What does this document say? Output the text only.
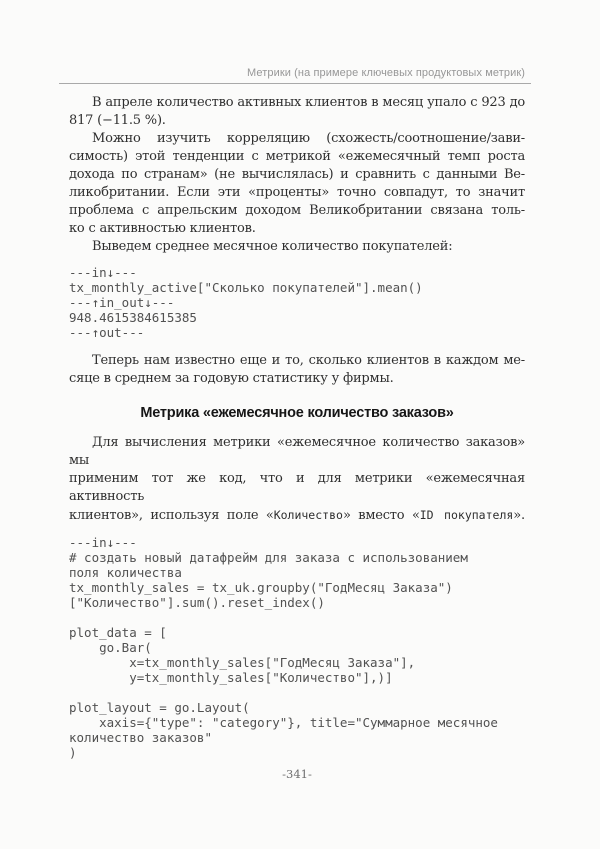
Метрики (на примере ключевых продуктовых метрик)
В апреле количество активных клиентов в месяц упало с 923 до
817 (−11.5 %).
Можно изучить корреляцию (схожесть/соотношение/зави-
симость) этой тенденции с метрикой «ежемесячный темп роста
дохода по странам» (не вычислялась) и сравнить с данными Ве-
ликобритании. Если эти «проценты» точно совпадут, то значит
проблема с апрельским доходом Великобритании связана толь-
ко с активностью клиентов.
Выведем среднее месячное количество покупателей:
---in↓---
tx_monthly_active["Сколько покупателей"].mean()
---↑in_out↓---
948.4615384615385
---↑out---
Теперь нам известно еще и то, сколько клиентов в каждом ме-
сяце в среднем за годовую статистику у фирмы.
Метрика «ежемесячное количество заказов»
Для вычисления метрики «ежемесячное количество заказов» мы
применим тот же код, что и для метрики «ежемесячная активность
клиентов», используя поле «Количество» вместо «ID покупателя».
---in↓---
# создать новый датафрейм для заказа с использованием
поля количества
tx_monthly_sales = tx_uk.groupby("ГодМесяц Заказа")
["Количество"].sum().reset_index()
plot_data = [
go.Bar(
x=tx_monthly_sales["ГодМесяц Заказа"],
y=tx_monthly_sales["Количество"],)]
plot_layout = go.Layout(
xaxis={"type": "category"}, title="Суммарное месячное
количество заказов"
)
-341-
